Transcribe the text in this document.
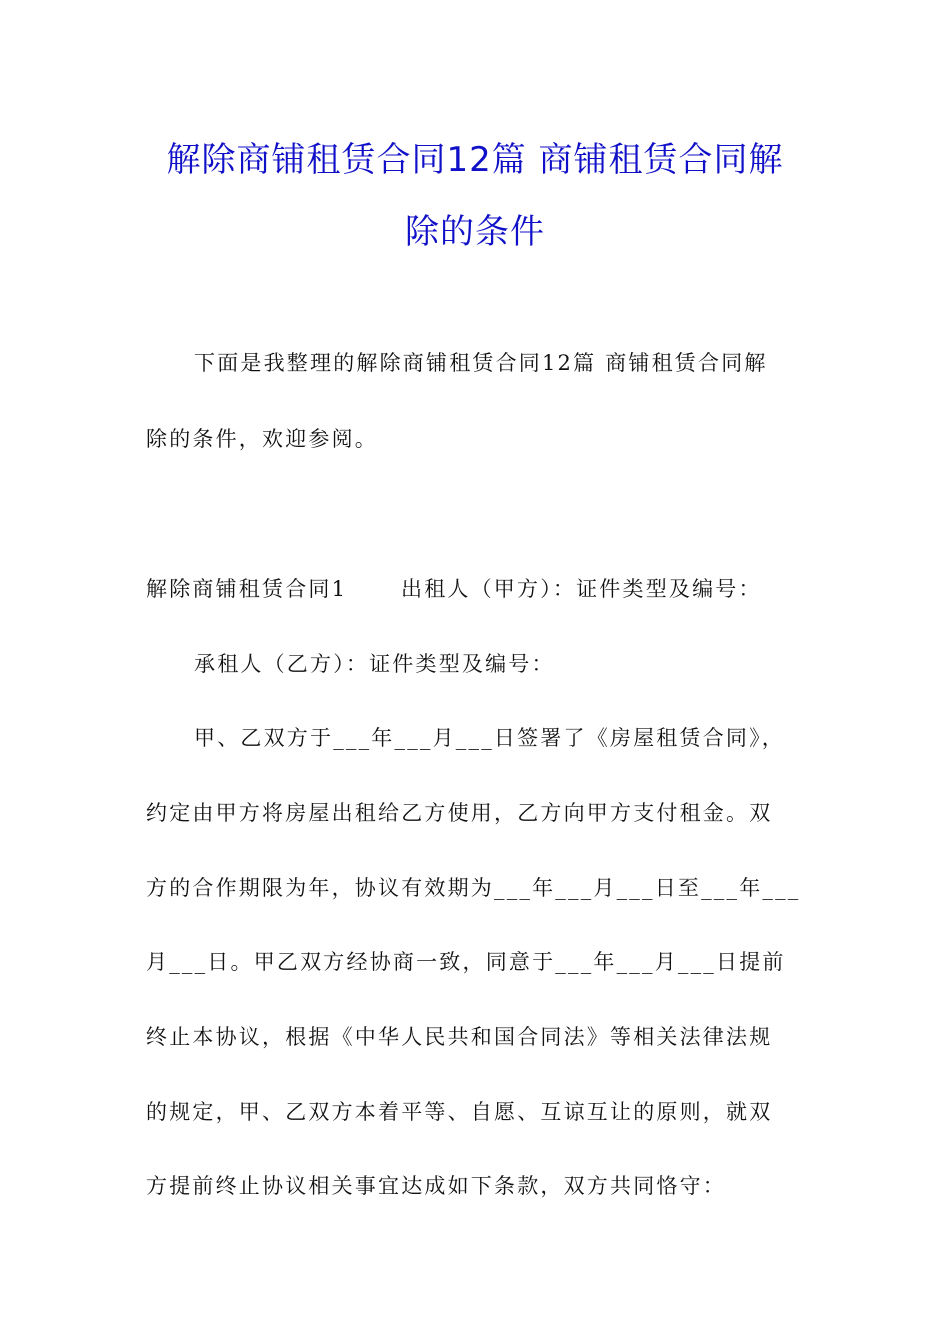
解除商铺租赁合同12篇 商铺租赁合同解
除的条件
下面是我整理的解除商铺租赁合同12篇 商铺租赁合同解
除的条件，欢迎参阅。
解除商铺租赁合同1	出租人（甲方）：证件类型及编号：
承租人（乙方）：证件类型及编号：
甲、乙双方于___年___月___日签署了《房屋租赁合同》，
约定由甲方将房屋出租给乙方使用，乙方向甲方支付租金。双
方的合作期限为年，协议有效期为___年___月___日至___年___
月___日。甲乙双方经协商一致，同意于___年___月___日提前
终止本协议，根据《中华人民共和国合同法》等相关法律法规
的规定，甲、乙双方本着平等、自愿、互谅互让的原则，就双
方提前终止协议相关事宜达成如下条款，双方共同恪守：
